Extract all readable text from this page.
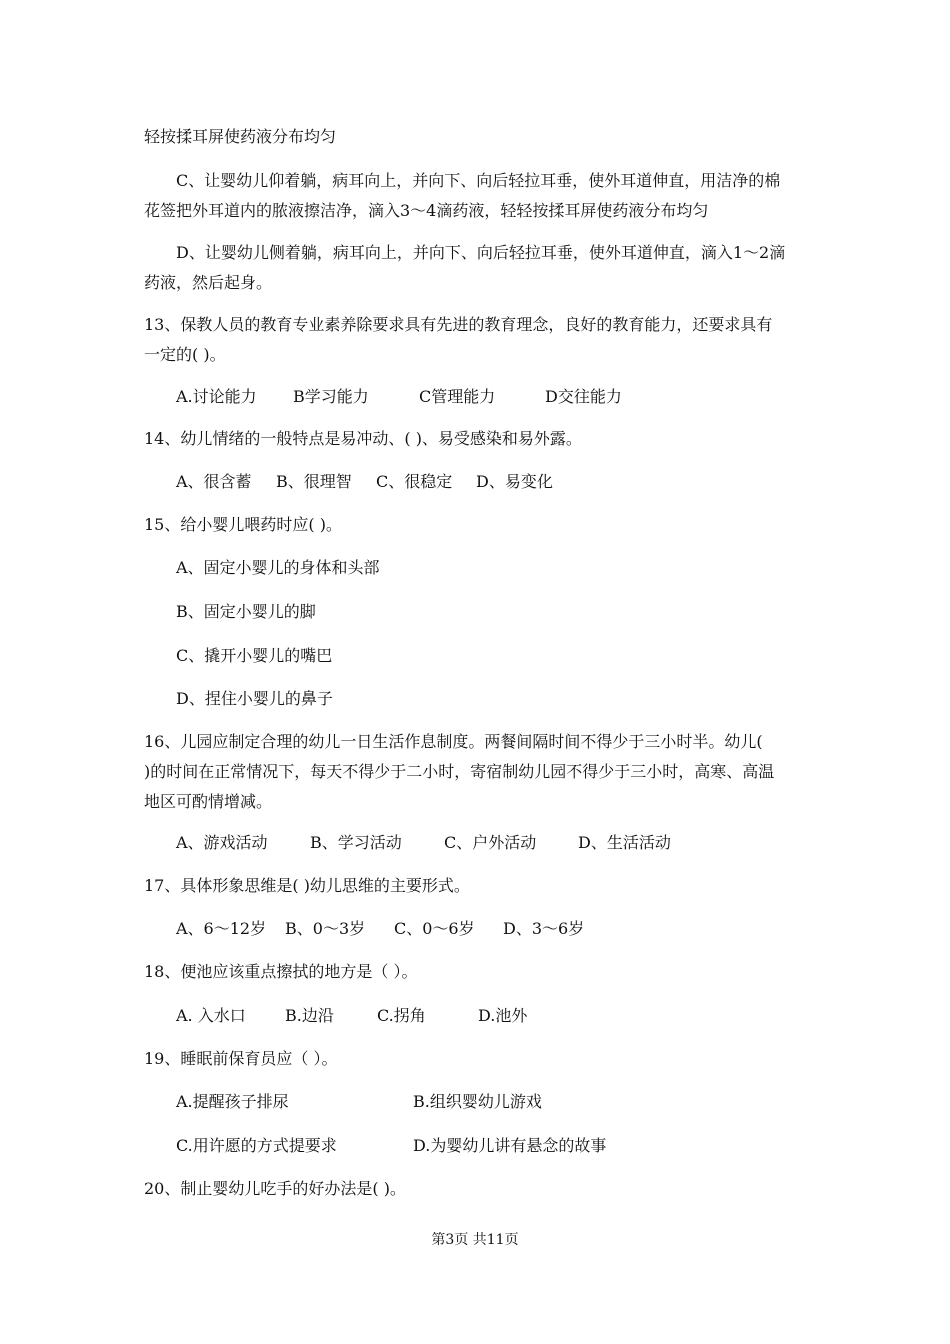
轻按揉耳屏使药液分布均匀

C、让婴幼儿仰着躺，病耳向上，并向下、向后轻拉耳垂，使外耳道伸直，用洁净的棉

花签把外耳道内的脓液擦洁净，滴入3～4滴药液，轻轻按揉耳屏使药液分布均匀

D、让婴幼儿侧着躺，病耳向上，并向下、向后轻拉耳垂，使外耳道伸直，滴入1～2滴

药液，然后起身。

13、保教人员的教育专业素养除要求具有先进的教育理念，良好的教育能力，还要求具有

一定的( )。

A.讨论能力 B学习能力	C管理能力	D交往能力

14、幼儿情绪的一般特点是易冲动、( )、易受感染和易外露。

A、很含蓄 B、很理智 C、很稳定 D、易变化

15、给小婴儿喂药时应( )。

A、固定小婴儿的身体和头部

B、固定小婴儿的脚

C、撬开小婴儿的嘴巴

D、捏住小婴儿的鼻子

16、儿园应制定合理的幼儿一日生活作息制度。两餐间隔时间不得少于三小时半。幼儿(

)的时间在正常情况下，每天不得少于二小时，寄宿制幼儿园不得少于三小时，高寒、高温

地区可酌情增减。

A、游戏活动	B、学习活动	C、户外活动	D、生活活动

17、具体形象思维是( )幼儿思维的主要形式。

A、6～12岁 B、0～3岁 C、0～6岁 D、3～6岁

18、便池应该重点擦拭的地方是（ ）。

A. 入水口 B.边沿	C.拐角	D.池外

19、睡眠前保育员应（ ）。

A.提醒孩子排尿	B.组织婴幼儿游戏

C.用许愿的方式提要求	D.为婴幼儿讲有悬念的故事

20、制止婴幼儿吃手的好办法是( )。

第3页 共11页
